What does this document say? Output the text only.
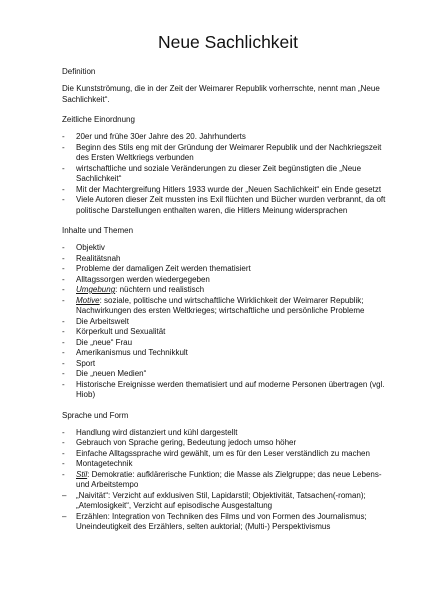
Neue Sachlichkeit
Definition
Die Kunstströmung, die in der Zeit der Weimarer Republik vorherrschte, nennt man „Neue Sachlichkeit“.
Zeitliche Einordnung
- 20er und frühe 30er Jahre des 20. Jahrhunderts
- Beginn des Stils eng mit der Gründung der Weimarer Republik und der Nachkriegszeit des Ersten Weltkriegs verbunden
- wirtschaftliche und soziale Veränderungen zu dieser Zeit begünstigten die „Neue Sachlichkeit“
- Mit der Machtergreifung Hitlers 1933 wurde der „Neuen Sachlichkeit“ ein Ende gesetzt
- Viele Autoren dieser Zeit mussten ins Exil flüchten und Bücher wurden verbrannt, da oft politische Darstellungen enthalten waren, die Hitlers Meinung widersprachen
Inhalte und Themen
- Objektiv
- Realitätsnah
- Probleme der damaligen Zeit werden thematisiert
- Alltagssorgen werden wiedergegeben
- Umgebung: nüchtern und realistisch
- Motive: soziale, politische und wirtschaftliche Wirklichkeit der Weimarer Republik; Nachwirkungen des ersten Weltkrieges; wirtschaftliche und persönliche Probleme
- Die Arbeitswelt
- Körperkult und Sexualität
- Die „neue“ Frau
- Amerikanismus und Technikkult
- Sport
- Die „neuen Medien“
- Historische Ereignisse werden thematisiert und auf moderne Personen übertragen (vgl. Hiob)
Sprache und Form
- Handlung wird distanziert und kühl dargestellt
- Gebrauch von Sprache gering, Bedeutung jedoch umso höher
- Einfache Alltagssprache wird gewählt, um es für den Leser verständlich zu machen
- Montagetechnik
- Stil: Demokratie: aufklärerische Funktion; die Masse als Zielgruppe; das neue Lebens- und Arbeitstempo
– „Naivität“: Verzicht auf exklusiven Stil, Lapidarstil; Objektivität, Tatsachen(-roman); „Atemlosigkeit“, Verzicht auf episodische Ausgestaltung
– Erzählen: Integration von Techniken des Films und von Formen des Journalismus; Uneindeutigkeit des Erzählers, selten auktorial; (Multi-) Perspektivismus
